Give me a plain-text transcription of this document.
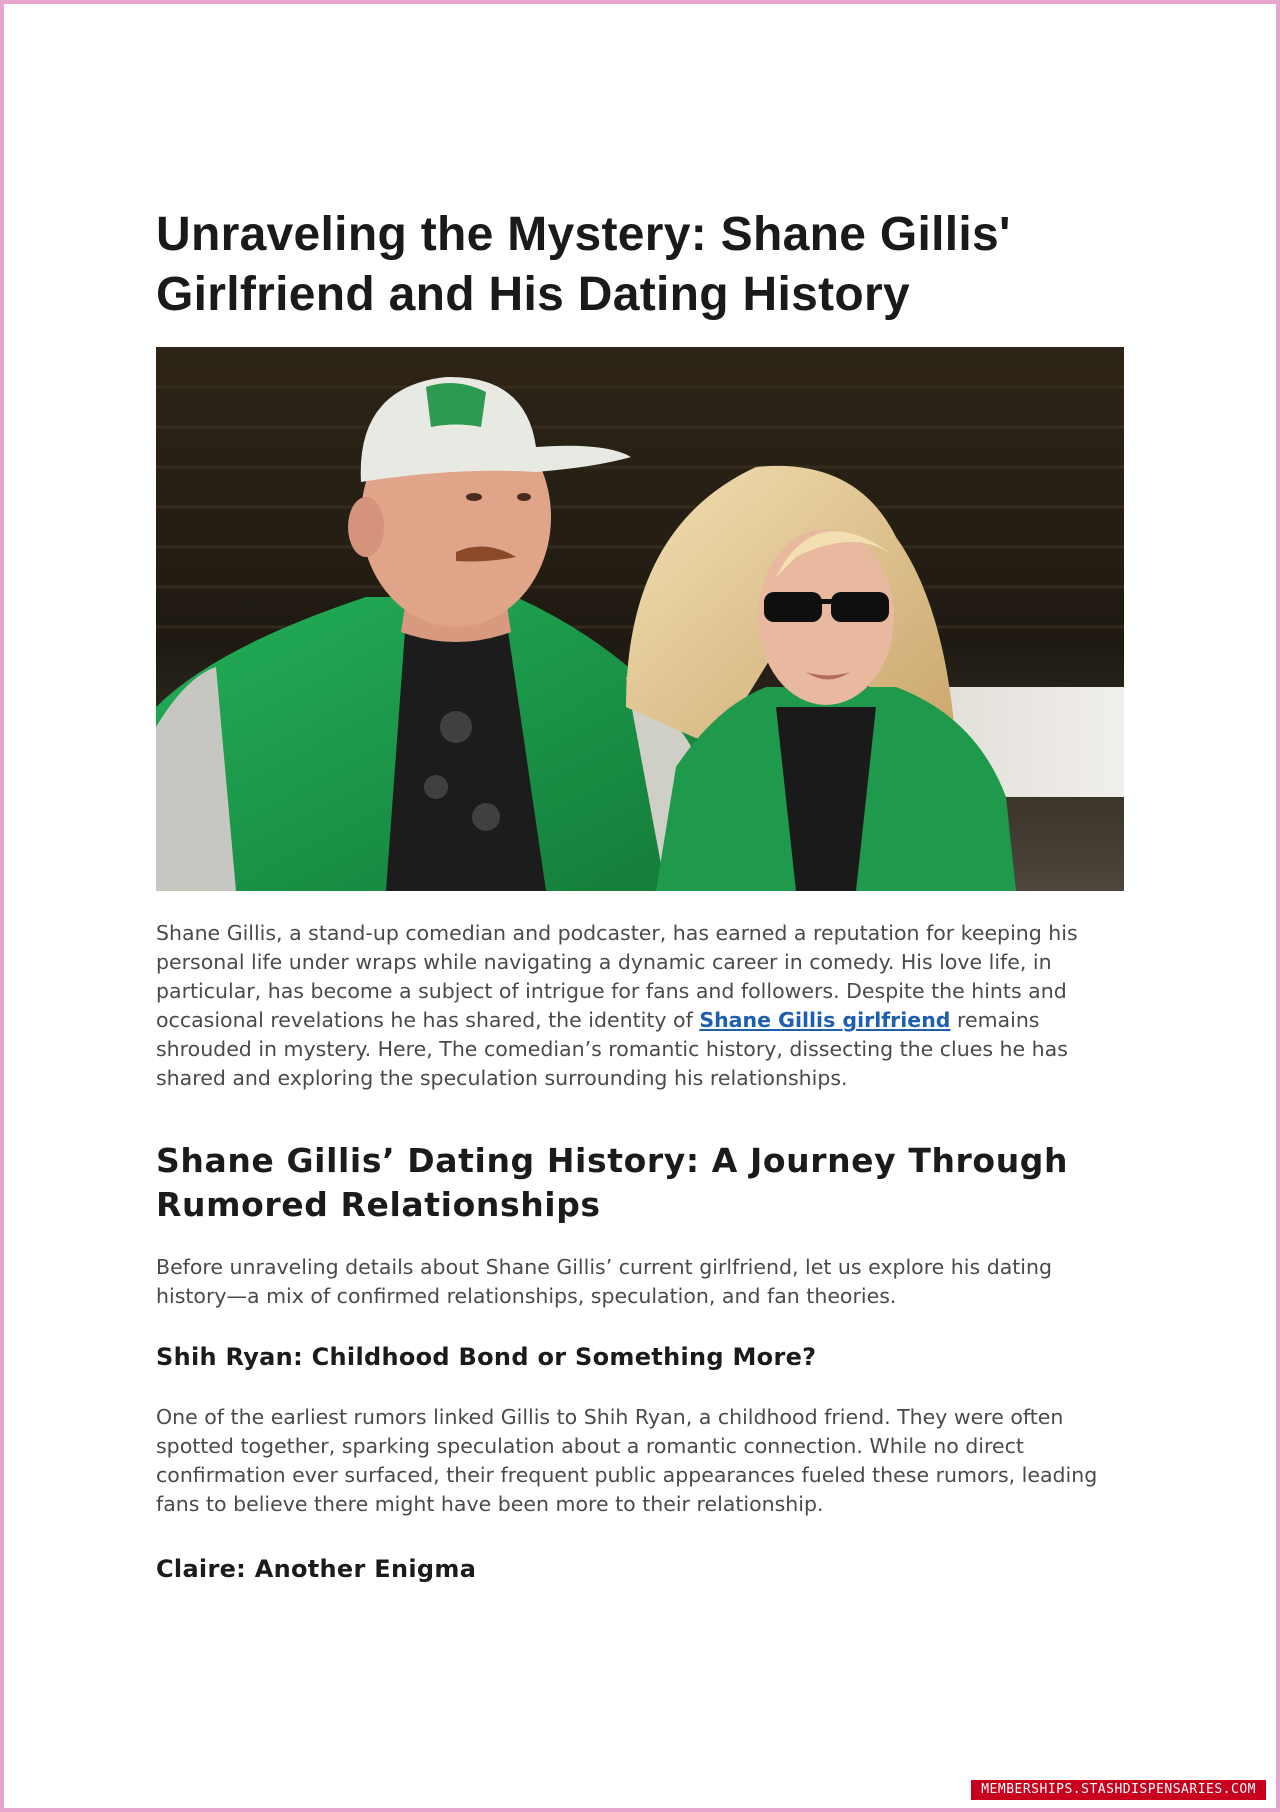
Unraveling the Mystery: Shane Gillis' Girlfriend and His Dating History

Shane Gillis, a stand-up comedian and podcaster, has earned a reputation for keeping his personal life under wraps while navigating a dynamic career in comedy. His love life, in particular, has become a subject of intrigue for fans and followers. Despite the hints and occasional revelations he has shared, the identity of Shane Gillis girlfriend remains shrouded in mystery. Here, The comedian’s romantic history, dissecting the clues he has shared and exploring the speculation surrounding his relationships.

Shane Gillis’ Dating History: A Journey Through Rumored Relationships

Before unraveling details about Shane Gillis’ current girlfriend, let us explore his dating history—a mix of confirmed relationships, speculation, and fan theories.

Shih Ryan: Childhood Bond or Something More?

One of the earliest rumors linked Gillis to Shih Ryan, a childhood friend. They were often spotted together, sparking speculation about a romantic connection. While no direct confirmation ever surfaced, their frequent public appearances fueled these rumors, leading fans to believe there might have been more to their relationship.

Claire: Another Enigma
MEMBERSHIPS.STASHDISPENSARIES.COM
